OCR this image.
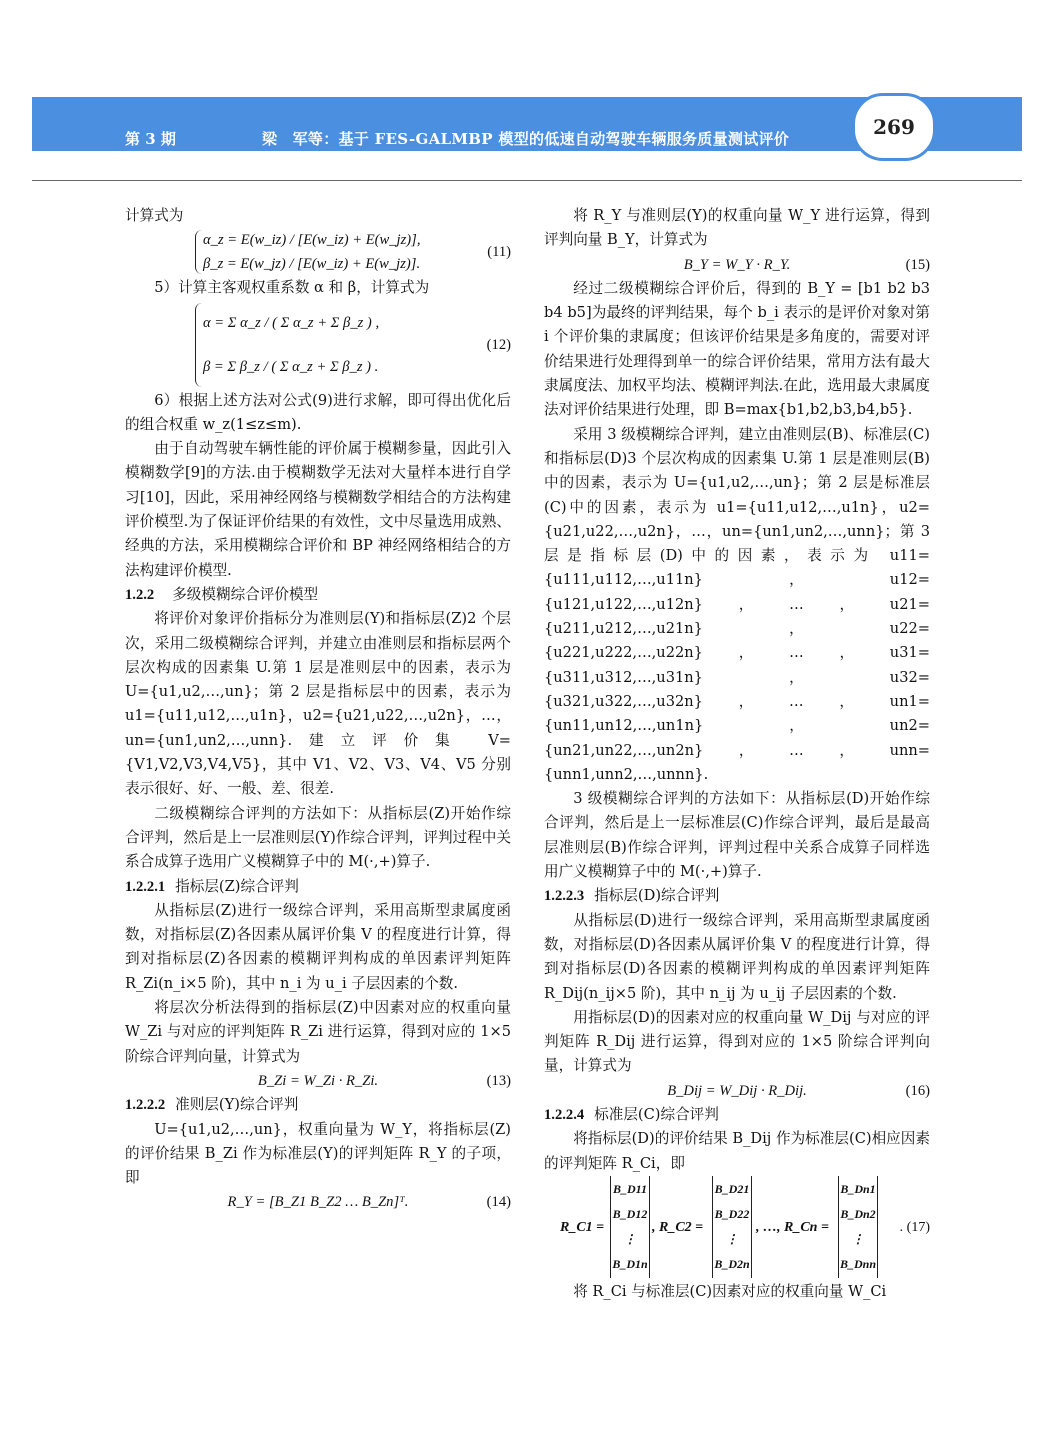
第 3 期	梁　军等：基于 FES-GALMBP 模型的低速自动驾驶车辆服务质量测试评价	269

计算式为

α_z = E(w_iz) / [E(w_iz) + E(w_jz)],
β_z = E(w_jz) / [E(w_iz) + E(w_jz)].
(11)

5）计算主客观权重系数 α 和 β，计算式为

α = Σ α_z / ( Σ α_z + Σ β_z ) ,
β = Σ β_z / ( Σ α_z + Σ β_z ) .
(12)

6）根据上述方法对公式(9)进行求解，即可得出优化后的组合权重 w_z(1≤z≤m).

由于自动驾驶车辆性能的评价属于模糊参量，因此引入模糊数学[9]的方法.由于模糊数学无法对大量样本进行自学习[10]，因此，采用神经网络与模糊数学相结合的方法构建评价模型.为了保证评价结果的有效性，文中尽量选用成熟、经典的方法，采用模糊综合评价和 BP 神经网络相结合的方法构建评价模型.

1.2.2 多级模糊综合评价模型

将评价对象评价指标分为准则层(Y)和指标层(Z)2 个层次，采用二级模糊综合评判，并建立由准则层和指标层两个层次构成的因素集 U.第 1 层是准则层中的因素，表示为 U={u1,u2,…,un}；第 2 层是指标层中的因素，表示为 u1={u11,u12,…,u1n}，u2={u21,u22,…,u2n}，…，un={un1,un2,…,unn}.建立评价集 V={V1,V2,V3,V4,V5}，其中 V1、V2、V3、V4、V5 分别表示很好、好、一般、差、很差.

二级模糊综合评判的方法如下：从指标层(Z)开始作综合评判，然后是上一层准则层(Y)作综合评判，评判过程中关系合成算子选用广义模糊算子中的 M(·,+)算子.

1.2.2.1 指标层(Z)综合评判

从指标层(Z)进行一级综合评判，采用高斯型隶属度函数，对指标层(Z)各因素从属评价集 V 的程度进行计算，得到对指标层(Z)各因素的模糊评判构成的单因素评判矩阵 R_Zi(n_i×5 阶)，其中 n_i 为 u_i 子层因素的个数.

将层次分析法得到的指标层(Z)中因素对应的权重向量 W_Zi 与对应的评判矩阵 R_Zi 进行运算，得到对应的 1×5 阶综合评判向量，计算式为

B_Zi = W_Zi · R_Zi.	(13)
1.2.2.2 准则层(Y)综合评判

U={u1,u2,…,un}，权重向量为 W_Y，将指标层(Z)的评价结果 B_Zi 作为标准层(Y)的评判矩阵 R_Y 的子项，即

R_Y = [B_Z1 B_Z2 … B_Zn]ᵀ.	(14)

将 R_Y 与准则层(Y)的权重向量 W_Y 进行运算，得到评判向量 B_Y，计算式为

B_Y = W_Y · R_Y.	(15)

经过二级模糊综合评价后，得到的 B_Y = [b1 b2 b3 b4 b5]为最终的评判结果，每个 b_i 表示的是评价对象对第 i 个评价集的隶属度；但该评价结果是多角度的，需要对评价结果进行处理得到单一的综合评价结果，常用方法有最大隶属度法、加权平均法、模糊评判法.在此，选用最大隶属度法对评价结果进行处理，即 B=max{b1,b2,b3,b4,b5}.

采用 3 级模糊综合评判，建立由准则层(B)、标准层(C)和指标层(D)3 个层次构成的因素集 U.第 1 层是准则层(B)中的因素，表示为 U={u1,u2,…,un}；第 2 层是标准层(C)中的因素，表示为 u1={u11,u12,…,u1n}，u2={u21,u22,…,u2n}，…，un={un1,un2,…,unn}；第 3 层是指标层(D)中的因素，表示为 u11={u111,u112,…,u11n}，u12={u121,u122,…,u12n}，…，u21={u211,u212,…,u21n}，u22={u221,u222,…,u22n}，…，u31={u311,u312,…,u31n}，u32={u321,u322,…,u32n}，…，un1={un11,un12,…,un1n}，un2={un21,un22,…,un2n}，…，unn={unn1,unn2,…,unnn}.

3 级模糊综合评判的方法如下：从指标层(D)开始作综合评判，然后是上一层标准层(C)作综合评判，最后是最高层准则层(B)作综合评判，评判过程中关系合成算子同样选用广义模糊算子中的 M(·,+)算子.

1.2.2.3 指标层(D)综合评判

从指标层(D)进行一级综合评判，采用高斯型隶属度函数，对指标层(D)各因素从属评价集 V 的程度进行计算，得到对指标层(D)各因素的模糊评判构成的单因素评判矩阵 R_Dij(n_ij×5 阶)，其中 n_ij 为 u_ij 子层因素的个数.

用指标层(D)的因素对应的权重向量 W_Dij 与对应的评判矩阵 R_Dij 进行运算，得到对应的 1×5 阶综合评判向量，计算式为

B_Dij = W_Dij · R_Dij.	(16)
1.2.2.4 标准层(C)综合评判

将指标层(D)的评价结果 B_Dij 作为标准层(C)相应因素的评判矩阵 R_Ci，即

R_C1 =
B_D11
B_D12
⋮
B_D1n
, R_C2 =
B_D21
B_D22
⋮
B_D2n
, …, R_Cn =
B_Dn1
B_Dn2
⋮
B_Dnn
. (17)

将 R_Ci 与标准层(C)因素对应的权重向量 W_Ci
